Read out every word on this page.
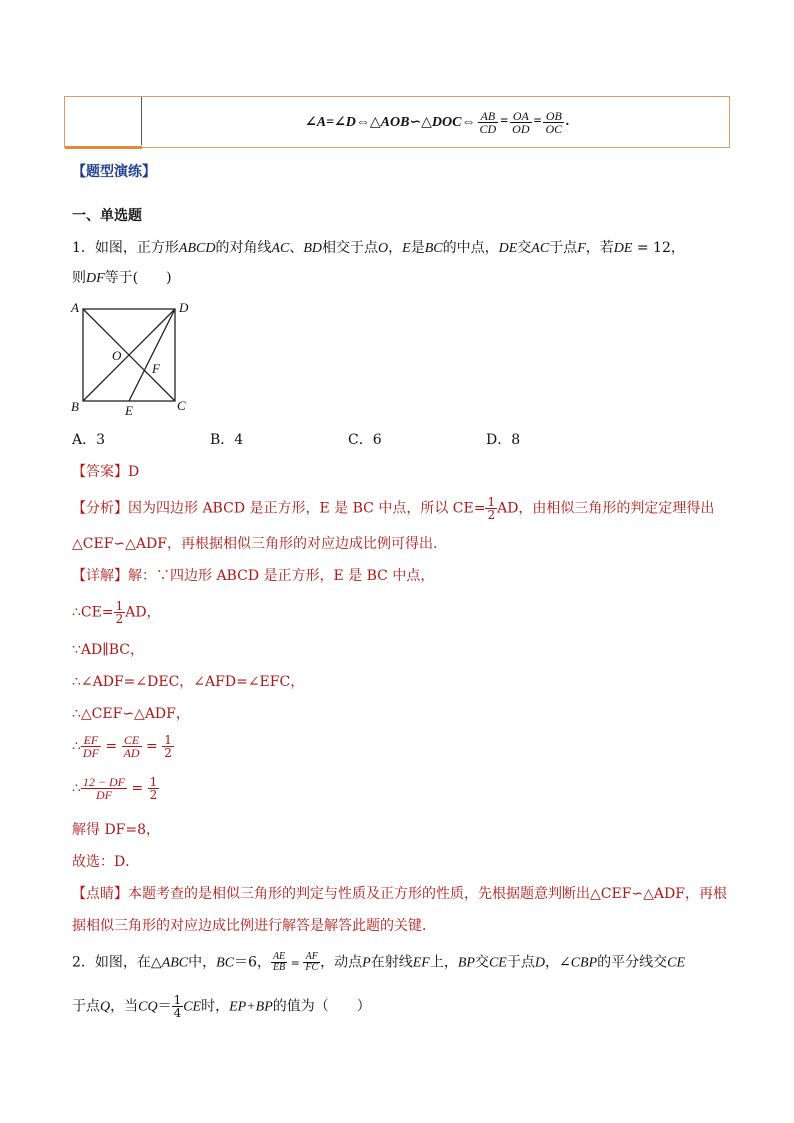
∠A=∠D⇔△AOB∽△DOC⇔ $\frac{AB}{CD} = \frac{OA}{OD} = \frac{OB}{OC}$ .
【题型演练】
一、单选题
1．如图，正方形ABCD的对角线AC、BD相交于点O，E是BC的中点，DE交AC于点F，若DE = 12，
则DF等于(　　)
A
B	C
D
O
E
F
A．3	B．4	C．6	D．8
【答案】D
【分析】因为四边形 ABCD 是正方形，E 是 BC 中点，所以 $CE= \frac{1}{2}$ AD，由相似三角形的判定定理得出
△CEF∽△ADF，再根据相似三角形的对应边成比例可得出.
【详解】解：∵四边形 ABCD 是正方形，E 是 BC 中点，
∴CE= $\frac{1}{2}$ AD，
∵AD∥BC，
∴∠ADF=∠DEC，∠AFD=∠EFC，
∴△CEF∽△ADF，
∴ $\frac{EF}{DF} = \frac{CE}{AD} = \frac{1}{2}$
∴ $\frac{12 - DF}{DF} = \frac{1}{2}$
解得 DF=8，
故选：D．
【点睛】本题考查的是相似三角形的判定与性质及正方形的性质，先根据题意判断出△CEF∽△ADF，再根
据相似三角形的对应边成比例进行解答是解答此题的关键．
2．如图，在△ABC中，BC＝6， $\frac{AE}{EB} = \frac{AF}{FC}$ ，动点P在射线EF上，BP交CE于点D，∠CBP的平分线交CE
于点Q，当$CQ= \frac{1}{4}$ CE时，EP+BP的值为（　　）
